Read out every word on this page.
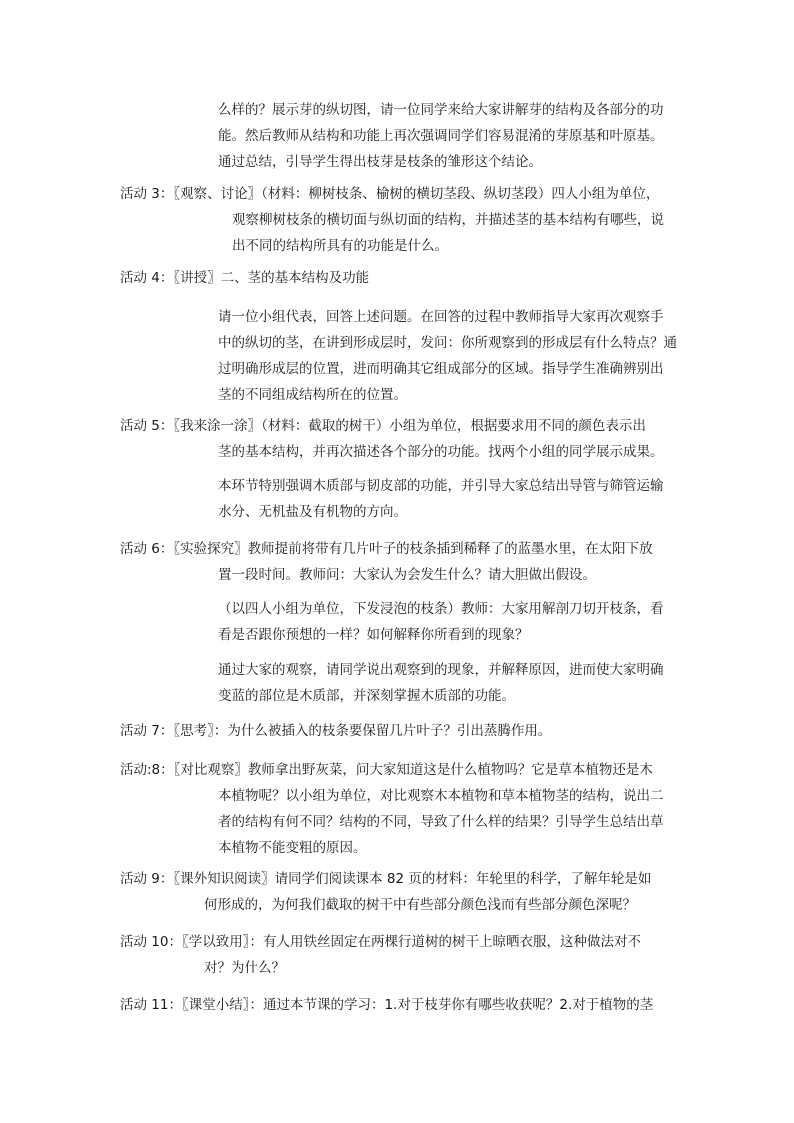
么样的？展示芽的纵切图，请一位同学来给大家讲解芽的结构及各部分的功
能。然后教师从结构和功能上再次强调同学们容易混淆的芽原基和叶原基。
通过总结，引导学生得出枝芽是枝条的雏形这个结论。
活动 3：〖观察、讨论〗（材料：柳树枝条、榆树的横切茎段、纵切茎段）四人小组为单位，
观察柳树枝条的横切面与纵切面的结构，并描述茎的基本结构有哪些，说
出不同的结构所具有的功能是什么。
活动 4：〖讲授〗二、茎的基本结构及功能
请一位小组代表，回答上述问题。在回答的过程中教师指导大家再次观察手
中的纵切的茎，在讲到形成层时，发问：你所观察到的形成层有什么特点？通
过明确形成层的位置，进而明确其它组成部分的区域。指导学生准确辨别出
茎的不同组成结构所在的位置。
活动 5：〖我来涂一涂〗（材料：截取的树干）小组为单位，根据要求用不同的颜色表示出
茎的基本结构，并再次描述各个部分的功能。找两个小组的同学展示成果。
本环节特别强调木质部与韧皮部的功能，并引导大家总结出导管与筛管运输
水分、无机盐及有机物的方向。
活动 6：〖实验探究〗教师提前将带有几片叶子的枝条插到稀释了的蓝墨水里，在太阳下放
置一段时间。教师问：大家认为会发生什么？请大胆做出假设。
（以四人小组为单位，下发浸泡的枝条）教师：大家用解剖刀切开枝条，看
看是否跟你预想的一样？如何解释你所看到的现象？
通过大家的观察，请同学说出观察到的现象，并解释原因，进而使大家明确
变蓝的部位是木质部，并深刻掌握木质部的功能。
活动 7：〖思考〗：为什么被插入的枝条要保留几片叶子？引出蒸腾作用。
活动:8：〖对比观察〗教师拿出野灰菜，问大家知道这是什么植物吗？它是草本植物还是木
本植物呢？以小组为单位，对比观察木本植物和草本植物茎的结构，说出二
者的结构有何不同？结构的不同，导致了什么样的结果？引导学生总结出草
本植物不能变粗的原因。
活动 9：〖课外知识阅读〗请同学们阅读课本 82 页的材料：年轮里的科学，了解年轮是如
何形成的，为何我们截取的树干中有些部分颜色浅而有些部分颜色深呢？
活动 10：〖学以致用〗：有人用铁丝固定在两棵行道树的树干上晾晒衣服，这种做法对不
对？为什么？
活动 11：〖课堂小结〗：通过本节课的学习：1.对于枝芽你有哪些收获呢？2.对于植物的茎
